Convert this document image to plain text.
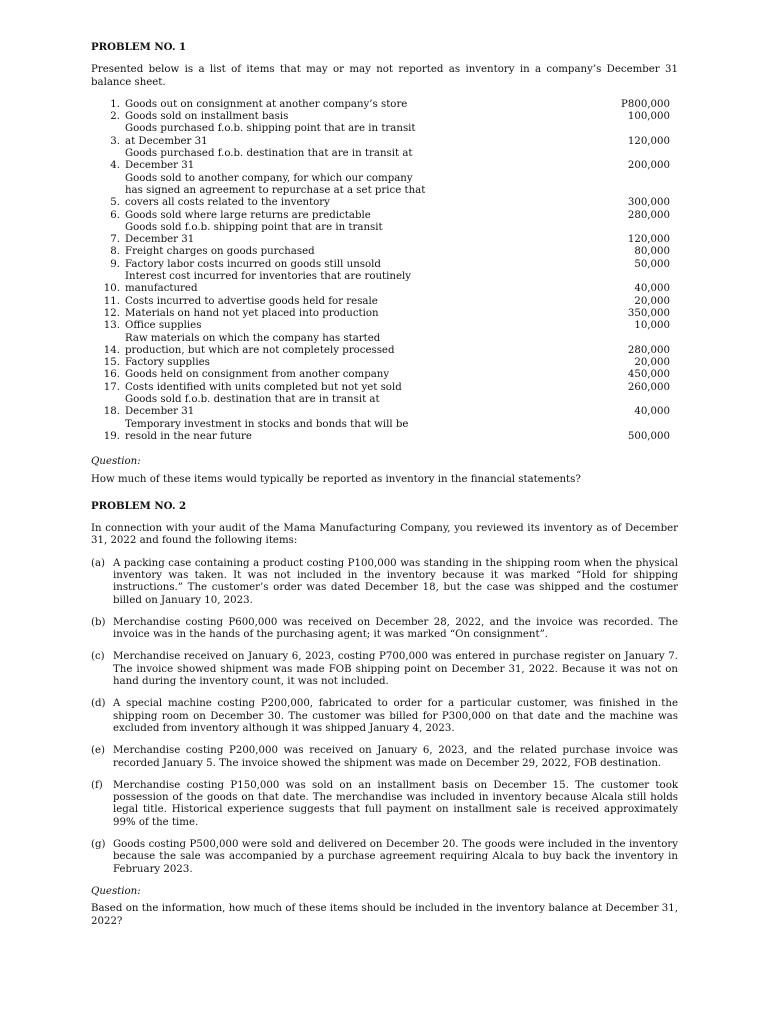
PROBLEM NO. 1

Presented below is a list of items that may or may not reported as inventory in a company’s December 31 balance sheet.

1. Goods out on consignment at another company’s store	P800,000
2. Goods sold on installment basis	100,000
3.
Goods purchased f.o.b. shipping point that are in transit
at December 31	120,000
4.
Goods purchased f.o.b. destination that are in transit at
December 31	200,000
5.
Goods sold to another company, for which our company
has signed an agreement to repurchase at a set price that
covers all costs related to the inventory	300,000
6. Goods sold where large returns are predictable	280,000
7.
Goods sold f.o.b. shipping point that are in transit
December 31	120,000
8. Freight charges on goods purchased	80,000
9. Factory labor costs incurred on goods still unsold	50,000
10.
Interest cost incurred for inventories that are routinely
manufactured	40,000
11. Costs incurred to advertise goods held for resale	20,000
12. Materials on hand not yet placed into production	350,000
13. Office supplies	10,000
14.
Raw materials on which the company has started
production, but which are not completely processed	280,000
15. Factory supplies	20,000
16. Goods held on consignment from another company	450,000
17. Costs identified with units completed but not yet sold	260,000
18.
Goods sold f.o.b. destination that are in transit at
December 31	40,000
19.
Temporary investment in stocks and bonds that will be
resold in the near future	500,000

Question:

How much of these items would typically be reported as inventory in the financial statements?

PROBLEM NO. 2

In connection with your audit of the Mama Manufacturing Company, you reviewed its inventory as of December 31, 2022 and found the following items:

(a) A packing case containing a product costing P100,000 was standing in the shipping room when the physical inventory was taken. It was not included in the inventory because it was marked “Hold for shipping instructions.” The customer’s order was dated December 18, but the case was shipped and the costumer billed on January 10, 2023.
(b) Merchandise costing P600,000 was received on December 28, 2022, and the invoice was recorded. The invoice was in the hands of the purchasing agent; it was marked “On consignment”.
(c) Merchandise received on January 6, 2023, costing P700,000 was entered in purchase register on January 7. The invoice showed shipment was made FOB shipping point on December 31, 2022. Because it was not on hand during the inventory count, it was not included.
(d) A special machine costing P200,000, fabricated to order for a particular customer, was finished in the shipping room on December 30. The customer was billed for P300,000 on that date and the machine was excluded from inventory although it was shipped January 4, 2023.
(e) Merchandise costing P200,000 was received on January 6, 2023, and the related purchase invoice was recorded January 5. The invoice showed the shipment was made on December 29, 2022, FOB destination.
(f)	Merchandise costing P150,000 was sold on an installment basis on December 15. The customer took possession of the goods on that date. The merchandise was included in inventory because Alcala still holds legal title. Historical experience suggests that full payment on installment sale is received approximately 99% of the time.
(g) Goods costing P500,000 were sold and delivered on December 20. The goods were included in the inventory because the sale was accompanied by a purchase agreement requiring Alcala to buy back the inventory in February 2023.

Question:

Based on the information, how much of these items should be included in the inventory balance at December 31, 2022?
